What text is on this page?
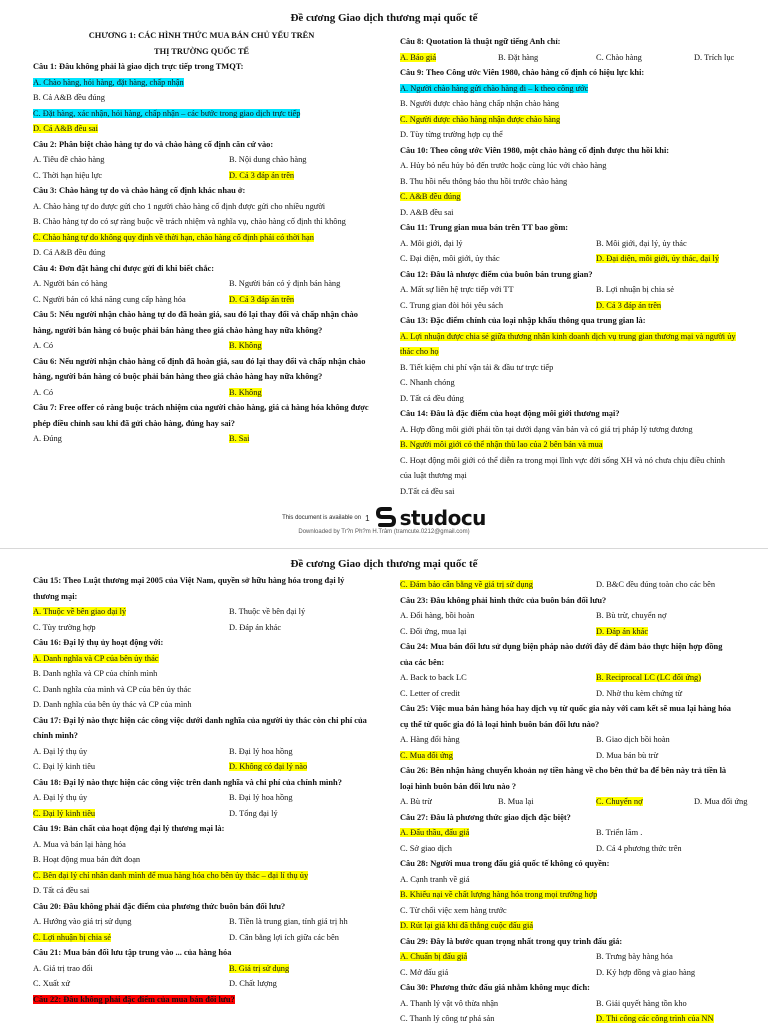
Đề cương Giao dịch thương mại quốc tế
CHƯƠNG 1: CÁC HÌNH THỨC MUA BÁN CHỦ YẾU TRÊN
THỊ TRƯỜNG QUỐC TẾ
Câu 1: Đâu không phải là giao dịch trực tiếp trong TMQT:
A. Chào hàng, hỏi hàng, đặt hàng, chấp nhận
B. Cả A&B đều đúng
C. Đặt hàng, xác nhận, hỏi hàng, chấp nhận – các bước trong giao dịch trực tiếp
D. Cả A&B đều sai
Câu 2: Phân biệt chào hàng tự do và chào hàng cố định căn cứ vào:
A. Tiêu đề chào hàng	B. Nội dung chào hàng
C. Thời hạn hiệu lực	D. Cả 3 đáp án trên
Câu 3: Chào hàng tự do và chào hàng cố định khác nhau ở:
A. Chào hàng tự do được gửi cho 1 người chào hàng cố định được gửi cho nhiều người
B. Chào hàng tự do có sự ràng buộc về trách nhiệm và nghĩa vụ, chào hàng cố định thì không
C. Chào hàng tự do không quy định về thời hạn, chào hàng cố định phải có thời hạn
D. Cả A&B đều đúng
Câu 4: Đơn đặt hàng chỉ được gửi đi khi biết chắc:
A. Người bán có hàng	B. Người bán có ý định bán hàng
C. Người bán có khả năng cung cấp hàng hóa	D. Cả 3 đáp án trên
Câu 5: Nếu người nhận chào hàng tự do đã hoàn giá, sau đó lại thay đổi và chấp nhận chào hàng, người bán hàng có buộc phải bán hàng theo giá chào hàng hay nữa không?
A. Có	B. Không
Câu 6: Nếu người nhận chào hàng cố định đã hoàn giá, sau đó lại thay đổi và chấp nhận chào hàng, người bán hàng có buộc phải bán hàng theo giá chào hàng hay nữa không?
A. Có	B. Không
Câu 7: Free offer có ràng buộc trách nhiệm của người chào hàng, giá cả hàng hóa không được phép điều chỉnh sau khi đã gửi chào hàng, đúng hay sai?
A. Đúng	B. Sai
Câu 8: Quotation là thuật ngữ tiếng Anh chỉ:
A. Báo giá	B. Đặt hàng	C. Chào hàng	D. Trích lục
Câu 9: Theo Công ước Viên 1980, chào hàng cố định có hiệu lực khi:
A. Người chào hàng gửi chào hàng đi – k theo công ước
B. Người được chào hàng chấp nhận chào hàng
C. Người được chào hàng nhận được chào hàng
D. Tùy từng trường hợp cụ thể
Câu 10: Theo công ước Viên 1980, một chào hàng cố định được thu hồi khi:
A. Hủy bỏ nếu hủy bỏ đến trước hoặc cùng lúc với chào hàng
B. Thu hồi nếu thông báo thu hồi trước chào hàng
C. A&B đều đúng
D. A&B đều sai
Câu 11: Trung gian mua bán trên TT bao gồm:
A. Môi giới, đại lý	B. Môi giới, đại lý, ủy thác
C. Đại diện, môi giới, ủy thác	D. Đại diện, môi giới, ủy thác, đại lý
Câu 12: Đâu là nhược điểm của buôn bán trung gian?
A. Mất sự liên hệ trực tiếp với TT	B. Lợi nhuận bị chia sẻ
C. Trung gian đòi hỏi yêu sách	D. Cả 3 đáp án trên
Câu 13: Đặc điểm chính của loại nhập khẩu thông qua trung gian là:
A. Lợi nhuận được chia sẻ giữa thương nhân kinh doanh dịch vụ trung gian thương mại và người ủy thác cho họ
B. Tiết kiệm chi phí vận tải & đầu tư trực tiếp
C. Nhanh chóng
D. Tất cả đều đúng
Câu 14: Đâu là đặc điểm của hoạt động môi giới thương mại?
A. Hợp đồng môi giới phải tồn tại dưới dạng văn bản và có giá trị pháp lý tương đương
B. Người môi giới có thể nhận thù lao của 2 bên bán và mua
C. Hoạt động môi giới có thể diễn ra trong mọi lĩnh vực đời sống XH và nó chưa chịu điều chỉnh của luật thương mại
D.Tất cả đều sai
This document is available on 1 studocu
Downloaded by Tr?n Ph?m H.Trâm (tramcute.0212@gmail.com)
Đề cương Giao dịch thương mại quốc tế
Câu 15: Theo Luật thương mại 2005 của Việt Nam, quyền sở hữu hàng hóa trong đại lý thương mại:
A. Thuộc về bên giao đại lý	B. Thuộc về bên đại lý
C. Tùy trường hợp	D. Đáp án khác
Câu 16: Đại lý thụ ủy hoạt động với:
A. Danh nghĩa và CP của bên ủy thác
B. Danh nghĩa và CP của chính mình
C. Danh nghĩa của mình và CP của bên ủy thác
D. Danh nghĩa của bên ủy thác và CP của mình
Câu 17: Đại lý nào thực hiện các công việc dưới danh nghĩa của người ủy thác còn chi phí của chính mình?
A. Đại lý thụ ủy	B. Đại lý hoa hồng
C. Đại lý kinh tiêu	D. Không có đại lý nào
Câu 18: Đại lý nào thực hiện các công việc trên danh nghĩa và chi phí của chính mình?
A. Đại lý thụ ủy	B. Đại lý hoa hồng
C. Đại lý kinh tiêu	D. Tổng đại lý
Câu 19: Bản chất của hoạt động đại lý thương mại là:
A. Mua và bán lại hàng hóa
B. Hoạt động mua bán đứt đoạn
C. Bên đại lý chỉ nhân danh mình để mua hàng hóa cho bên ủy thác – đại lí thụ ủy
D. Tất cả đều sai
Câu 20: Đâu không phải đặc điểm của phương thức buôn bán đối lưu?
A. Hướng vào giá trị sử dụng	B. Tiền là trung gian, tính giá trị hh
C. Lợi nhuận bị chia sẻ	D. Cân bằng lợi ích giữa các bên
Câu 21: Mua bán đối lưu tập trung vào ... của hàng hóa
A. Giá trị trao đổi	B. Giá trị sử dụng
C. Xuất xứ	D. Chất lượng
Câu 22: Đâu không phải đặc điểm của mua bán đối lưu?
C. Đảm bảo cân bằng về giá trị sử dụng	D. B&C đều đúng toàn cho các bên
Câu 23: Đâu không phải hình thức của buôn bán đối lưu?
A. Đổi hàng, bồi hoàn	B. Bù trừ, chuyển nợ
C. Đối ứng, mua lại	D. Đáp án khác
Câu 24: Mua bán đối lưu sử dụng biện pháp nào dưới đây để đảm bảo thực hiện hợp đồng của các bên:
A. Back to back LC	B. Reciprocal LC (LC đối ứng)
C. Letter of credit	D. Nhờ thu kèm chứng từ
Câu 25: Việc mua bán hàng hóa hay dịch vụ từ quốc gia này với cam kết sẽ mua lại hàng hóa cụ thể từ quốc gia đó là loại hình buôn bán đối lưu nào?
A. Hàng đổi hàng	B. Giao dịch bồi hoàn
C. Mua đối ứng	D. Mua bán bù trừ
Câu 26: Bên nhận hàng chuyển khoản nợ tiền hàng về cho bên thứ ba để bên này trả tiền là loại hình buôn bán đối lưu nào ?
A. Bù trừ	B. Mua lại	C. Chuyển nợ	D. Mua đối ứng
Câu 27: Đâu là phương thức giao dịch đặc biệt?
A. Đấu thầu, đấu giá	B. Triển lãm .
C. Sở giao dịch	D. Cả 4 phương thức trên
Câu 28: Người mua trong đấu giá quốc tế không có quyền:
A. Cạnh tranh về giá
B. Khiếu nại về chất lượng hàng hóa trong mọi trường hợp
C. Từ chối việc xem hàng trước
D. Rút lại giá khi đã thắng cuộc đấu giá
Câu 29: Đây là bước quan trọng nhất trong quy trình đấu giá:
A. Chuẩn bị đấu giá	B. Trưng bày hàng hóa
C. Mở đấu giá	D. Ký hợp đồng và giao hàng
Câu 30: Phương thức đấu giá nhằm không mục đích:
A. Thanh lý vật vô thừa nhận	B. Giải quyết hàng tồn kho
C. Thanh lý công tư phá sản	D. Thi công các công trình của NN
